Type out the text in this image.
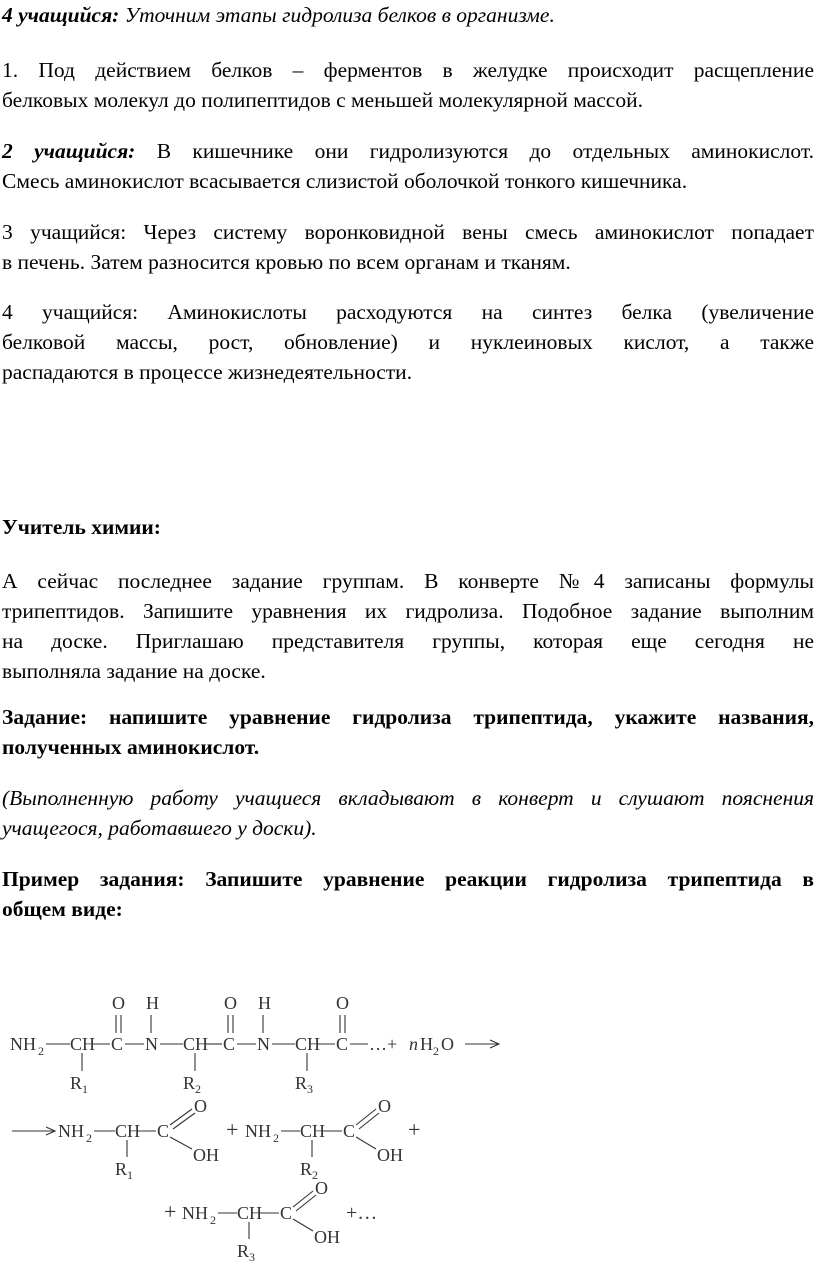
4 учащийся: Уточним этапы гидролиза белков в организме.

1. Под действием белков – ферментов в желудке происходит расщепление
белковых молекул до полипептидов с меньшей молекулярной массой.

2 учащийся: В кишечнике они гидролизуются до отдельных аминокислот.
Смесь аминокислот всасывается слизистой оболочкой тонкого кишечника.

3 учащийся: Через систему воронковидной вены смесь аминокислот попадает
в печень. Затем разносится кровью по всем органам и тканям.

4 учащийся: Аминокислоты расходуются на синтез белка (увеличение
белковой массы, рост, обновление) и нуклеиновых кислот, а также
распадаются в процессе жизнедеятельности.

Учитель химии:

А сейчас последнее задание группам. В конверте №4 записаны формулы
трипептидов. Запишите уравнения их гидролиза. Подобное задание выполним
на доске. Приглашаю представителя группы, которая еще сегодня не
выполняла задание на доске.

Задание: напишите уравнение гидролиза трипептида, укажите названия,
полученных аминокислот.

(Выполненную работу учащиеся вкладывают в конверт и слушают пояснения
учащегося, работавшего у доски).

Пример задания: Запишите уравнение реакции гидролиза трипептида в
общем виде:

O H	O H	O
NH 2 CH C N CH C N CH C …+ n H 2 O
R 1	R 2	R 3
NH 2 CH C
O
OH
R 1
+ NH 2 CH C
O
OH
R 2
+
+ NH 2 CH C
O
OH
R 3
+…
